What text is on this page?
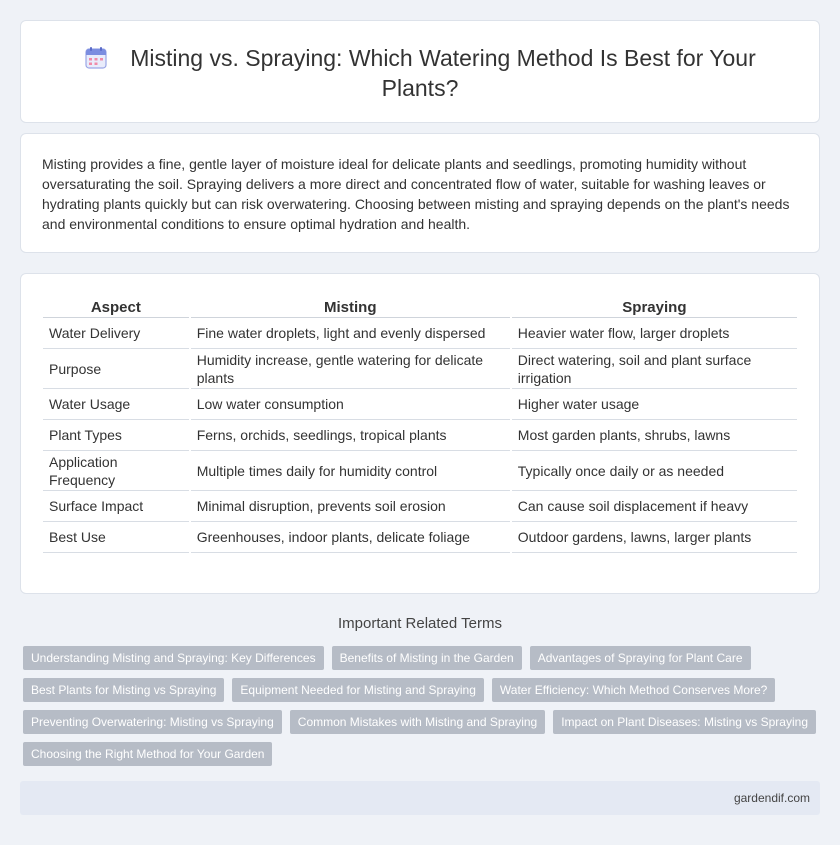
Misting vs. Spraying: Which Watering Method Is Best for Your Plants?

Misting provides a fine, gentle layer of moisture ideal for delicate plants and seedlings, promoting humidity without oversaturating the soil. Spraying delivers a more direct and concentrated flow of water, suitable for washing leaves or hydrating plants quickly but can risk overwatering. Choosing between misting and spraying depends on the plant's needs and environmental conditions to ensure optimal hydration and health.

Aspect	Misting	Spraying
Water Delivery	Fine water droplets, light and evenly dispersed	Heavier water flow, larger droplets
Purpose	Humidity increase, gentle watering for delicate plants	Direct watering, soil and plant surface irrigation
Water Usage	Low water consumption	Higher water usage
Plant Types	Ferns, orchids, seedlings, tropical plants	Most garden plants, shrubs, lawns
Application Frequency	Multiple times daily for humidity control	Typically once daily or as needed
Surface Impact	Minimal disruption, prevents soil erosion	Can cause soil displacement if heavy
Best Use	Greenhouses, indoor plants, delicate foliage	Outdoor gardens, lawns, larger plants
Important Related Terms
Understanding Misting and Spraying: Key Differences	Benefits of Misting in the Garden	Advantages of Spraying for Plant Care
Best Plants for Misting vs Spraying	Equipment Needed for Misting and Spraying	Water Efficiency: Which Method Conserves More?
Preventing Overwatering: Misting vs Spraying	Common Mistakes with Misting and Spraying	Impact on Plant Diseases: Misting vs Spraying
Choosing the Right Method for Your Garden
gardendif.com
